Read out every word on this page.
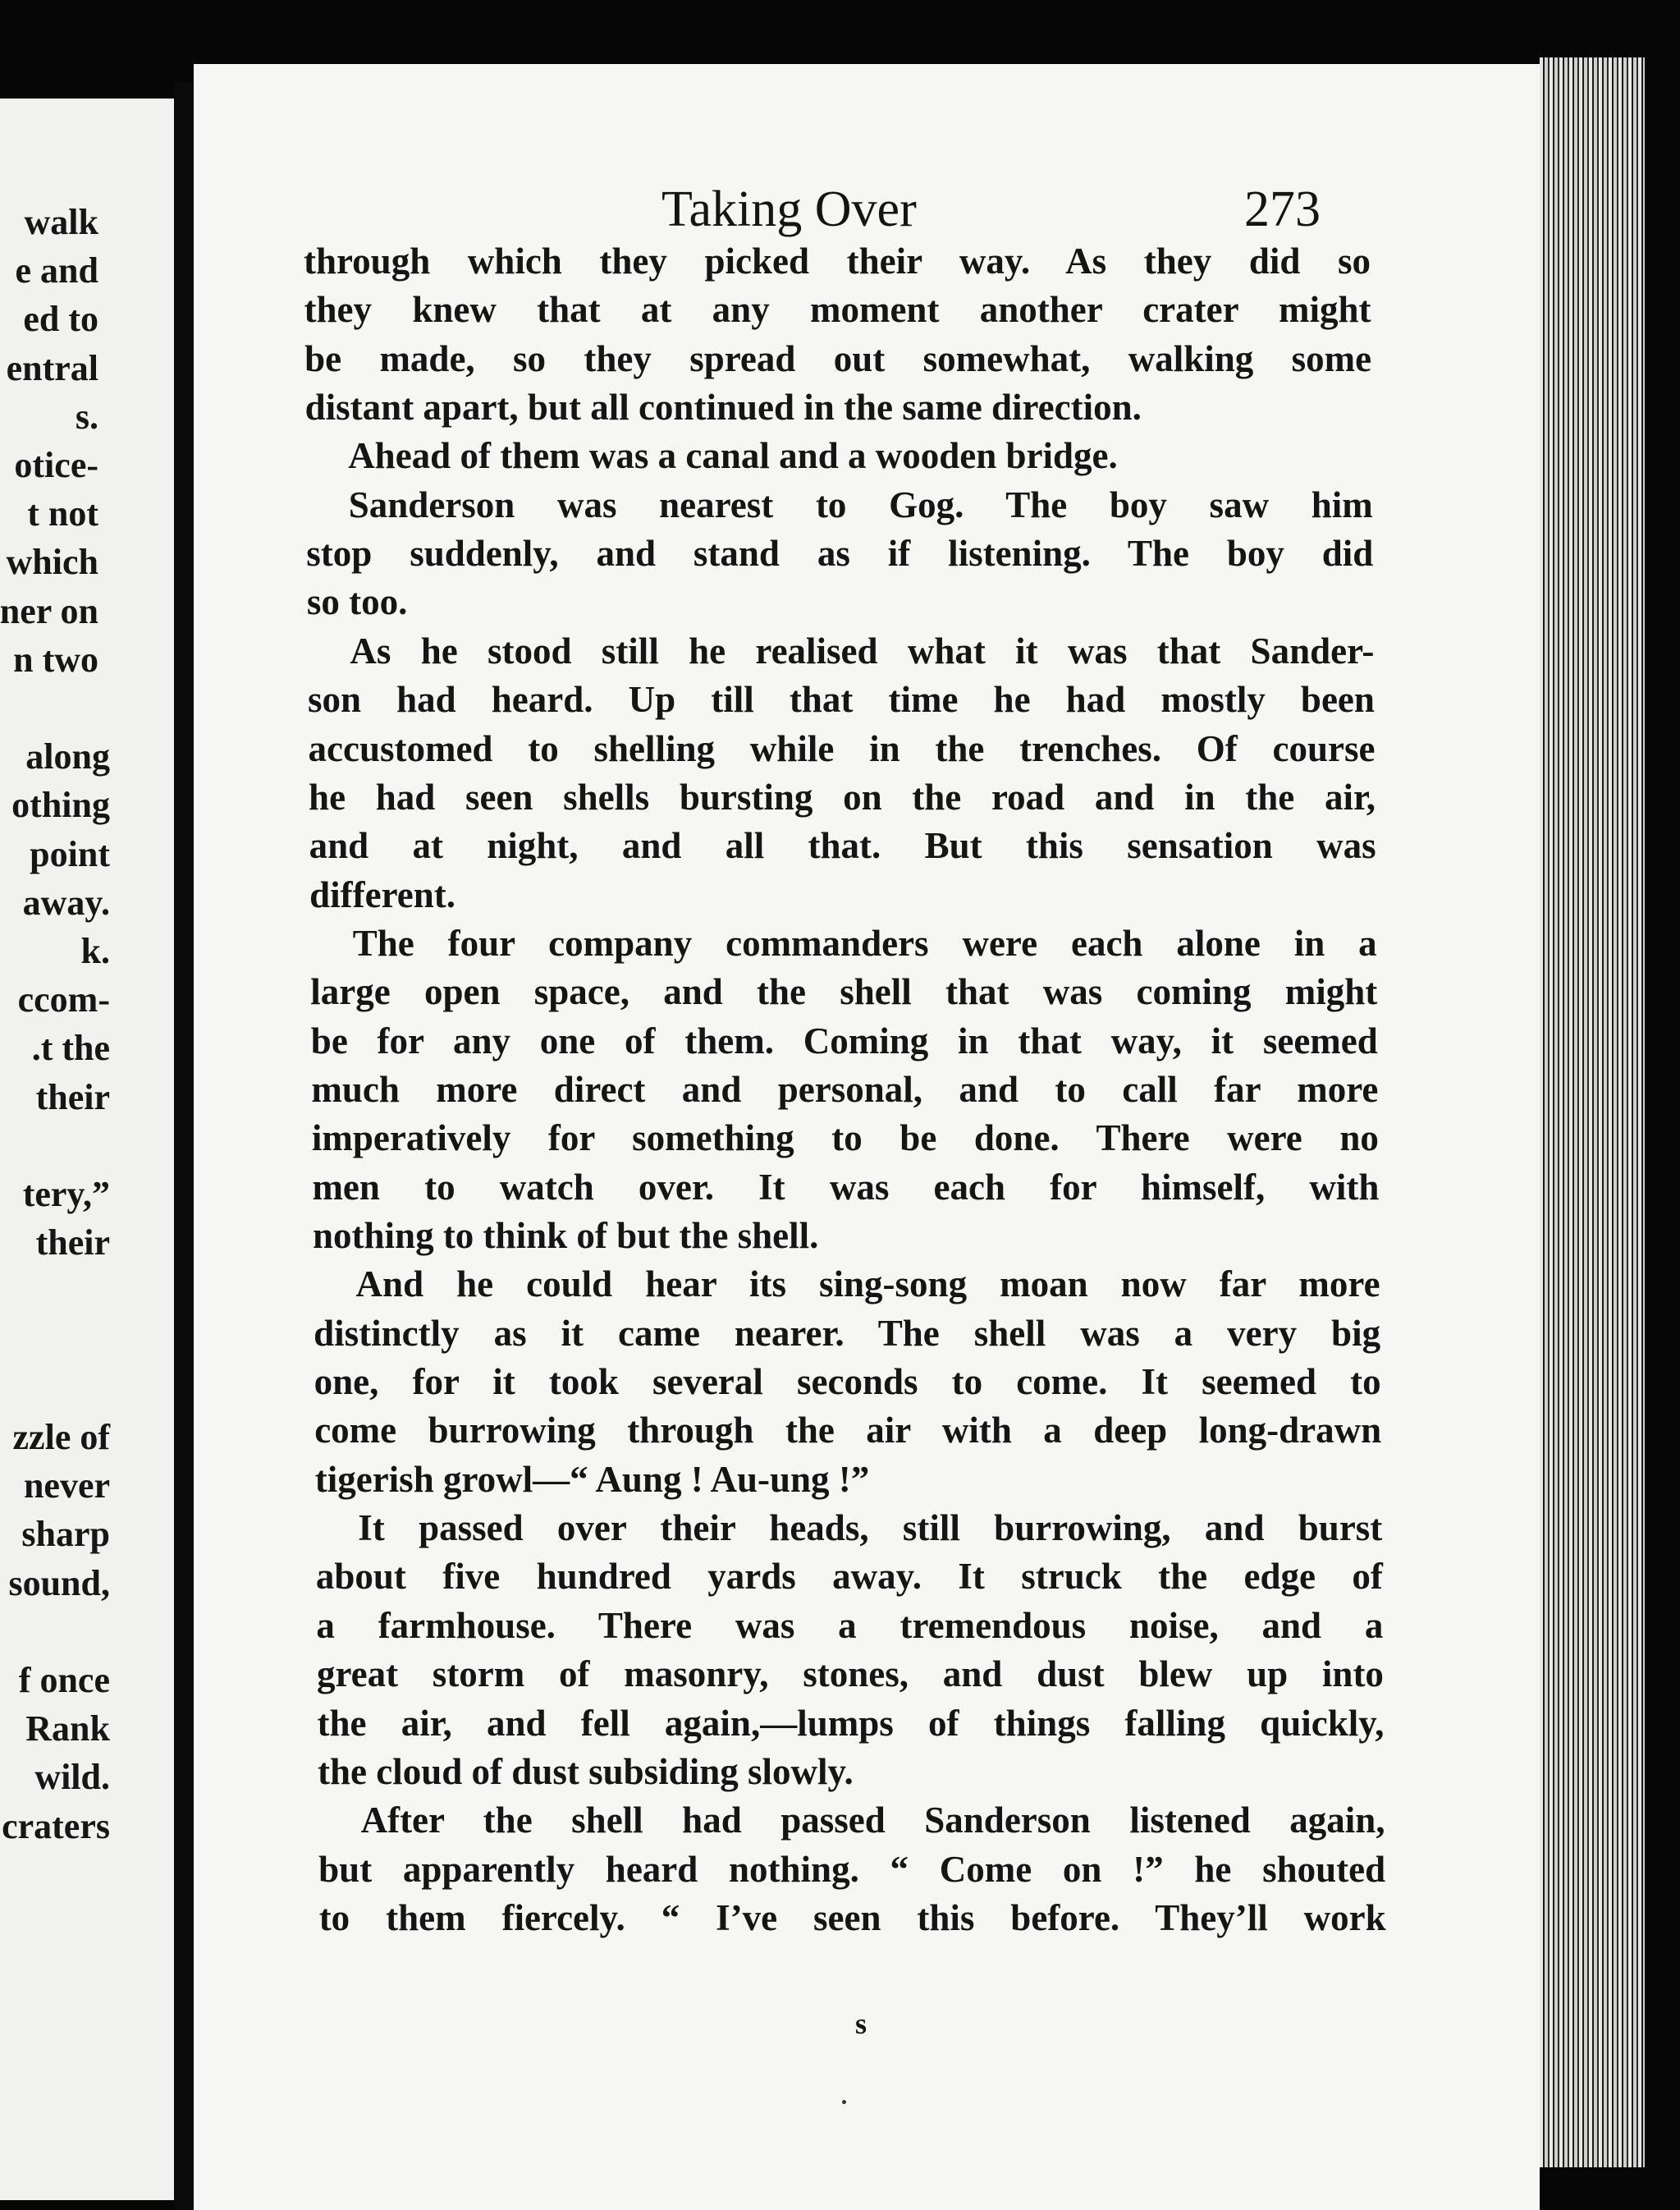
walk
e and
ed to
entral
s.
otice-
t not
which
ner on
n two
along
othing
point
away.
k.
ccom-
.t the
their
tery,”
their
zzle of
never
sharp
sound,
f once
Rank
wild.
craters
Taking Over	273
s
through which they picked their way. As they did so
they knew that at any moment another crater might
be made, so they spread out somewhat, walking some
distant apart, but all continued in the same direction.
Ahead of them was a canal and a wooden bridge.
Sanderson was nearest to Gog. The boy saw him
stop suddenly, and stand as if listening. The boy did
so too.
As he stood still he realised what it was that Sander-
son had heard. Up till that time he had mostly been
accustomed to shelling while in the trenches. Of course
he had seen shells bursting on the road and in the air,
and at night, and all that. But this sensation was
different.
The four company commanders were each alone in a
large open space, and the shell that was coming might
be for any one of them. Coming in that way, it seemed
much more direct and personal, and to call far more
imperatively for something to be done. There were no
men to watch over. It was each for himself, with
nothing to think of but the shell.
And he could hear its sing-song moan now far more
distinctly as it came nearer. The shell was a very big
one, for it took several seconds to come. It seemed to
come burrowing through the air with a deep long-drawn
tigerish growl—“ Aung ! Au-ung !”
It passed over their heads, still burrowing, and burst
about five hundred yards away. It struck the edge of
a farmhouse. There was a tremendous noise, and a
great storm of masonry, stones, and dust blew up into
the air, and fell again,—lumps of things falling quickly,
the cloud of dust subsiding slowly.
After the shell had passed Sanderson listened again,
but apparently heard nothing. “ Come on !” he shouted
to them fiercely. “ I’ve seen this before. They’ll work
